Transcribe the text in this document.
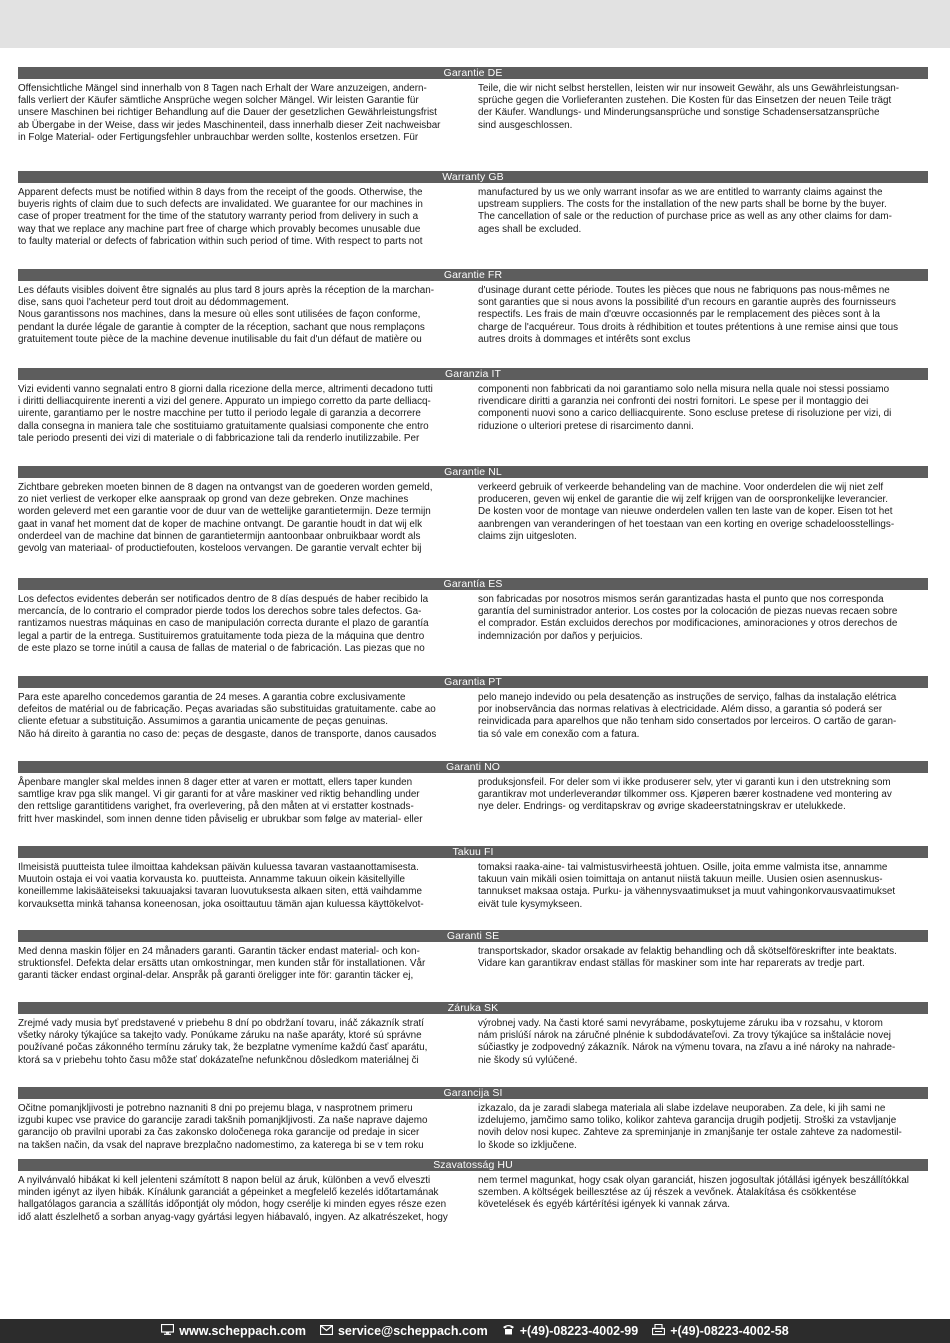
Garantie DE
Offensichtliche Mängel sind innerhalb von 8 Tagen nach Erhalt der Ware anzuzeigen, andern-
falls verliert der Käufer sämtliche Ansprüche wegen solcher Mängel. Wir leisten Garantie für
unsere Maschinen bei richtiger Behandlung auf die Dauer der gesetzlichen Gewährleistungsfrist
ab Übergabe in der Weise, dass wir jedes Maschinenteil, dass innerhalb dieser Zeit nachweisbar
in Folge Material- oder Fertigungsfehler unbrauchbar werden sollte, kostenlos ersetzen. Für
Teile, die wir nicht selbst herstellen, leisten wir nur insoweit Gewähr, als uns Gewährleistungsan-
sprüche gegen die Vorlieferanten zustehen. Die Kosten für das Einsetzen der neuen Teile trägt
der Käufer. Wandlungs- und Minderungsansprüche und sonstige Schadensersatzansprüche
sind ausgeschlossen.
Warranty GB
Apparent defects must be notified within 8 days from the receipt of the goods. Otherwise, the
buyeris rights of claim due to such defects are invalidated. We guarantee for our machines in
case of proper treatment for the time of the statutory warranty period from delivery in such a
way that we replace any machine part free of charge which provably becomes unusable due
to faulty material or defects of fabrication within such period of time. With respect to parts not
manufactured by us we only warrant insofar as we are entitled to warranty claims against the
upstream suppliers. The costs for the installation of the new parts shall be borne by the buyer.
The cancellation of sale or the reduction of purchase price as well as any other claims for dam-
ages shall be excluded.
Garantie FR
Les défauts visibles doivent être signalés au plus tard 8 jours après la réception de la marchan-
dise, sans quoi l'acheteur perd tout droit au dédommagement.
Nous garantissons nos machines, dans la mesure où elles sont utilisées de façon conforme,
pendant la durée légale de garantie à compter de la réception, sachant que nous remplaçons
gratuitement toute pièce de la machine devenue inutilisable du fait d'un défaut de matière ou
d'usinage durant cette période. Toutes les pièces que nous ne fabriquons pas nous-mêmes ne
sont garanties que si nous avons la possibilité d'un recours en garantie auprès des fournisseurs
respectifs. Les frais de main d'œuvre occasionnés par le remplacement des pièces sont à la
charge de l'acquéreur. Tous droits à rédhibition et toutes prétentions à une remise ainsi que tous
autres droits à dommages et intérêts sont exclus
Garanzia IT
Vizi evidenti vanno segnalati entro 8 giorni dalla ricezione della merce, altrimenti decadono tutti
i diritti delliacquirente inerenti a vizi del genere. Appurato un impiego corretto da parte delliacq-
uirente, garantiamo per le nostre macchine per tutto il periodo legale di garanzia a decorrere
dalla consegna in maniera tale che sostituiamo gratuitamente qualsiasi componente che entro
tale periodo presenti dei vizi di materiale o di fabbricazione tali da renderlo inutilizzabile. Per
componenti non fabbricati da noi garantiamo solo nella misura nella quale noi stessi possiamo
rivendicare diritti a garanzia nei confronti dei nostri fornitori. Le spese per il montaggio dei
componenti nuovi sono a carico delliacquirente. Sono escluse pretese di risoluzione per vizi, di
riduzione o ulteriori pretese di risarcimento danni.
Garantie NL
Zichtbare gebreken moeten binnen de 8 dagen na ontvangst van de goederen worden gemeld,
zo niet verliest de verkoper elke aanspraak op grond van deze gebreken. Onze machines
worden geleverd met een garantie voor de duur van de wettelijke garantietermijn. Deze termijn
gaat in vanaf het moment dat de koper de machine ontvangt. De garantie houdt in dat wij elk
onderdeel van de machine dat binnen de garantietermijn aantoonbaar onbruikbaar wordt als
gevolg van materiaal- of productiefouten, kosteloos vervangen. De garantie vervalt echter bij
verkeerd gebruik of verkeerde behandeling van de machine. Voor onderdelen die wij niet zelf
produceren, geven wij enkel de garantie die wij zelf krijgen van de oorspronkelijke leverancier.
De kosten voor de montage van nieuwe onderdelen vallen ten laste van de koper. Eisen tot het
aanbrengen van veranderingen of het toestaan van een korting en overige schadeloosstellings-
claims zijn uitgesloten.
Garantía ES
Los defectos evidentes deberán ser notificados dentro de 8 días después de haber recibido la
mercancía, de lo contrario el comprador pierde todos los derechos sobre tales defectos. Ga-
rantizamos nuestras máquinas en caso de manipulación correcta durante el plazo de garantía
legal a partir de la entrega. Sustituiremos gratuitamente toda pieza de la máquina que dentro
de este plazo se torne inútil a causa de fallas de material o de fabricación. Las piezas que no
son fabricadas por nosotros mismos serán garantizadas hasta el punto que nos corresponda
garantía del suministrador anterior. Los costes por la colocación de piezas nuevas recaen sobre
el comprador. Están excluidos derechos por modificaciones, aminoraciones y otros derechos de
indemnización por daños y perjuicios.
Garantia PT
Para este aparelho concedemos garantia de 24 meses. A garantia cobre exclusivamente
defeitos de matérial ou de fabricação. Peças avariadas são substituidas gratuitamente. cabe ao
cliente efetuar a substituição. Assumimos a garantia unicamente de peças genuinas.
Não há direito à garantia no caso de: peças de desgaste, danos de transporte, danos causados
pelo manejo indevido ou pela desatenção as instruções de serviço, falhas da instalação elétrica
por inobservância das normas relativas à electricidade. Além disso, a garantia só poderá ser
reinvidicada para aparelhos que não tenham sido consertados por lerceiros. O cartão de garan-
tia só vale em conexão com a fatura.
Garanti NO
Åpenbare mangler skal meldes innen 8 dager etter at varen er mottatt, ellers taper kunden
samtlige krav pga slik mangel. Vi gir garanti for at våre maskiner ved riktig behandling under
den rettslige garantitidens varighet, fra overlevering, på den måten at vi erstatter kostnads-
fritt hver maskindel, som innen denne tiden påviselig er ubrukbar som følge av material- eller
produksjonsfeil. For deler som vi ikke produserer selv, yter vi garanti kun i den utstrekning som
garantikrav mot underleverandør tilkommer oss. Kjøperen bærer kostnadene ved montering av
nye deler. Endrings- og verditapskrav og øvrige skadeerstatningskrav er utelukkede.
Takuu FI
Ilmeisistä puutteista tulee ilmoittaa kahdeksan päivän kuluessa tavaran vastaanottamisesta.
Muutoin ostaja ei voi vaatia korvausta ko. puutteista. Annamme takuun oikein käsitellyille
koneillemme lakisääteiseksi takuuajaksi tavaran luovutuksesta alkaen siten, että vaihdamme
korvauksetta minkä tahansa koneenosan, joka osoittautuu tämän ajan kuluessa käyttökelvot-
tomaksi raaka-aine- tai valmistusvirheestä johtuen. Osille, joita emme valmista itse, annamme
takuun vain mikäli osien toimittaja on antanut niistä takuun meille. Uusien osien asennuskus-
tannukset maksaa ostaja. Purku- ja vähennysvaatimukset ja muut vahingonkorvausvaatimukset
eivät tule kysymykseen.
Garanti SE
Med denna maskin följer en 24 månaders garanti. Garantin täcker endast material- och kon-
struktionsfel. Defekta delar ersätts utan omkostningar, men kunden står för installationen. Vår
garanti täcker endast orginal-delar. Anspråk på garanti öreligger inte för: garantin täcker ej,
transportskador, skador orsakade av felaktig behandling och då skötselföreskrifter inte beaktats.
Vidare kan garantikrav endast ställas för maskiner som inte har reparerats av tredje part.
Záruka SK
Zrejmé vady musia byť predstavené v priebehu 8 dní po obdržaní tovaru, ináč zákazník stratí
všetky nároky týkajúce sa takejto vady. Ponúkame záruku na naše aparáty, ktoré sú správne
používané počas zákonného termínu záruky tak, že bezplatne vymeníme každú časť aparátu,
ktorá sa v priebehu tohto času môže stať dokázateľne nefunkčnou dôsledkom materiálnej či
výrobnej vady. Na časti ktoré sami nevyrábame, poskytujeme záruku iba v rozsahu, v ktorom
nám prislúší nárok na záručné plnénie k subdodávateľovi. Za trovy týkajúce sa inštalácie novej
súčiastky je zodpovedný zákazník. Nárok na výmenu tovara, na zľavu a iné nároky na nahrade-
nie škody sú vylúčené.
Garancija SI
Očitne pomanjkljivosti je potrebno naznaniti 8 dni po prejemu blaga, v nasprotnem primeru
izgubi kupec vse pravice do garancije zaradi takšnih pomanjkljivosti. Za naše naprave dajemo
garancijo ob pravilni uporabi za čas zakonsko določenega roka garancije od predaje in sicer
na takšen način, da vsak del naprave brezplačno nadomestimo, za katerega bi se v tem roku
izkazalo, da je zaradi slabega materiala ali slabe izdelave neuporaben. Za dele, ki jih sami ne
izdelujemo, jamčimo samo toliko, kolikor zahteva garancija drugih podjetij. Stroški za vstavljanje
novih delov nosi kupec. Zahteve za spreminjanje in zmanjšanje ter ostale zahteve za nadomestil-
lo škode so izključene.
Szavatosság HU
A nyilvánvaló hibákat ki kell jelenteni számított 8 napon belül az áruk, különben a vevő elveszti
minden igényt az ilyen hibák. Kínálunk garanciát a gépeinket a megfelelő kezelés időtartamának
hallgatólagos garancia a szállítás időpontját oly módon, hogy cserélje ki minden egyes része ezen
idő alatt észlelhető a sorban anyag-vagy gyártási legyen hiábavaló, ingyen. Az alkatrészeket, hogy
nem termel magunkat, hogy csak olyan garanciát, hiszen jogosultak jótállási igények beszállítókkal
szemben. A költségek beillesztése az új részek a vevőnek. Átalakítása és csökkentése
követelések és egyéb kártérítési igények ki vannak zárva.
www.scheppach.com	service@scheppach.com	+(49)-08223-4002-99	+(49)-08223-4002-58
